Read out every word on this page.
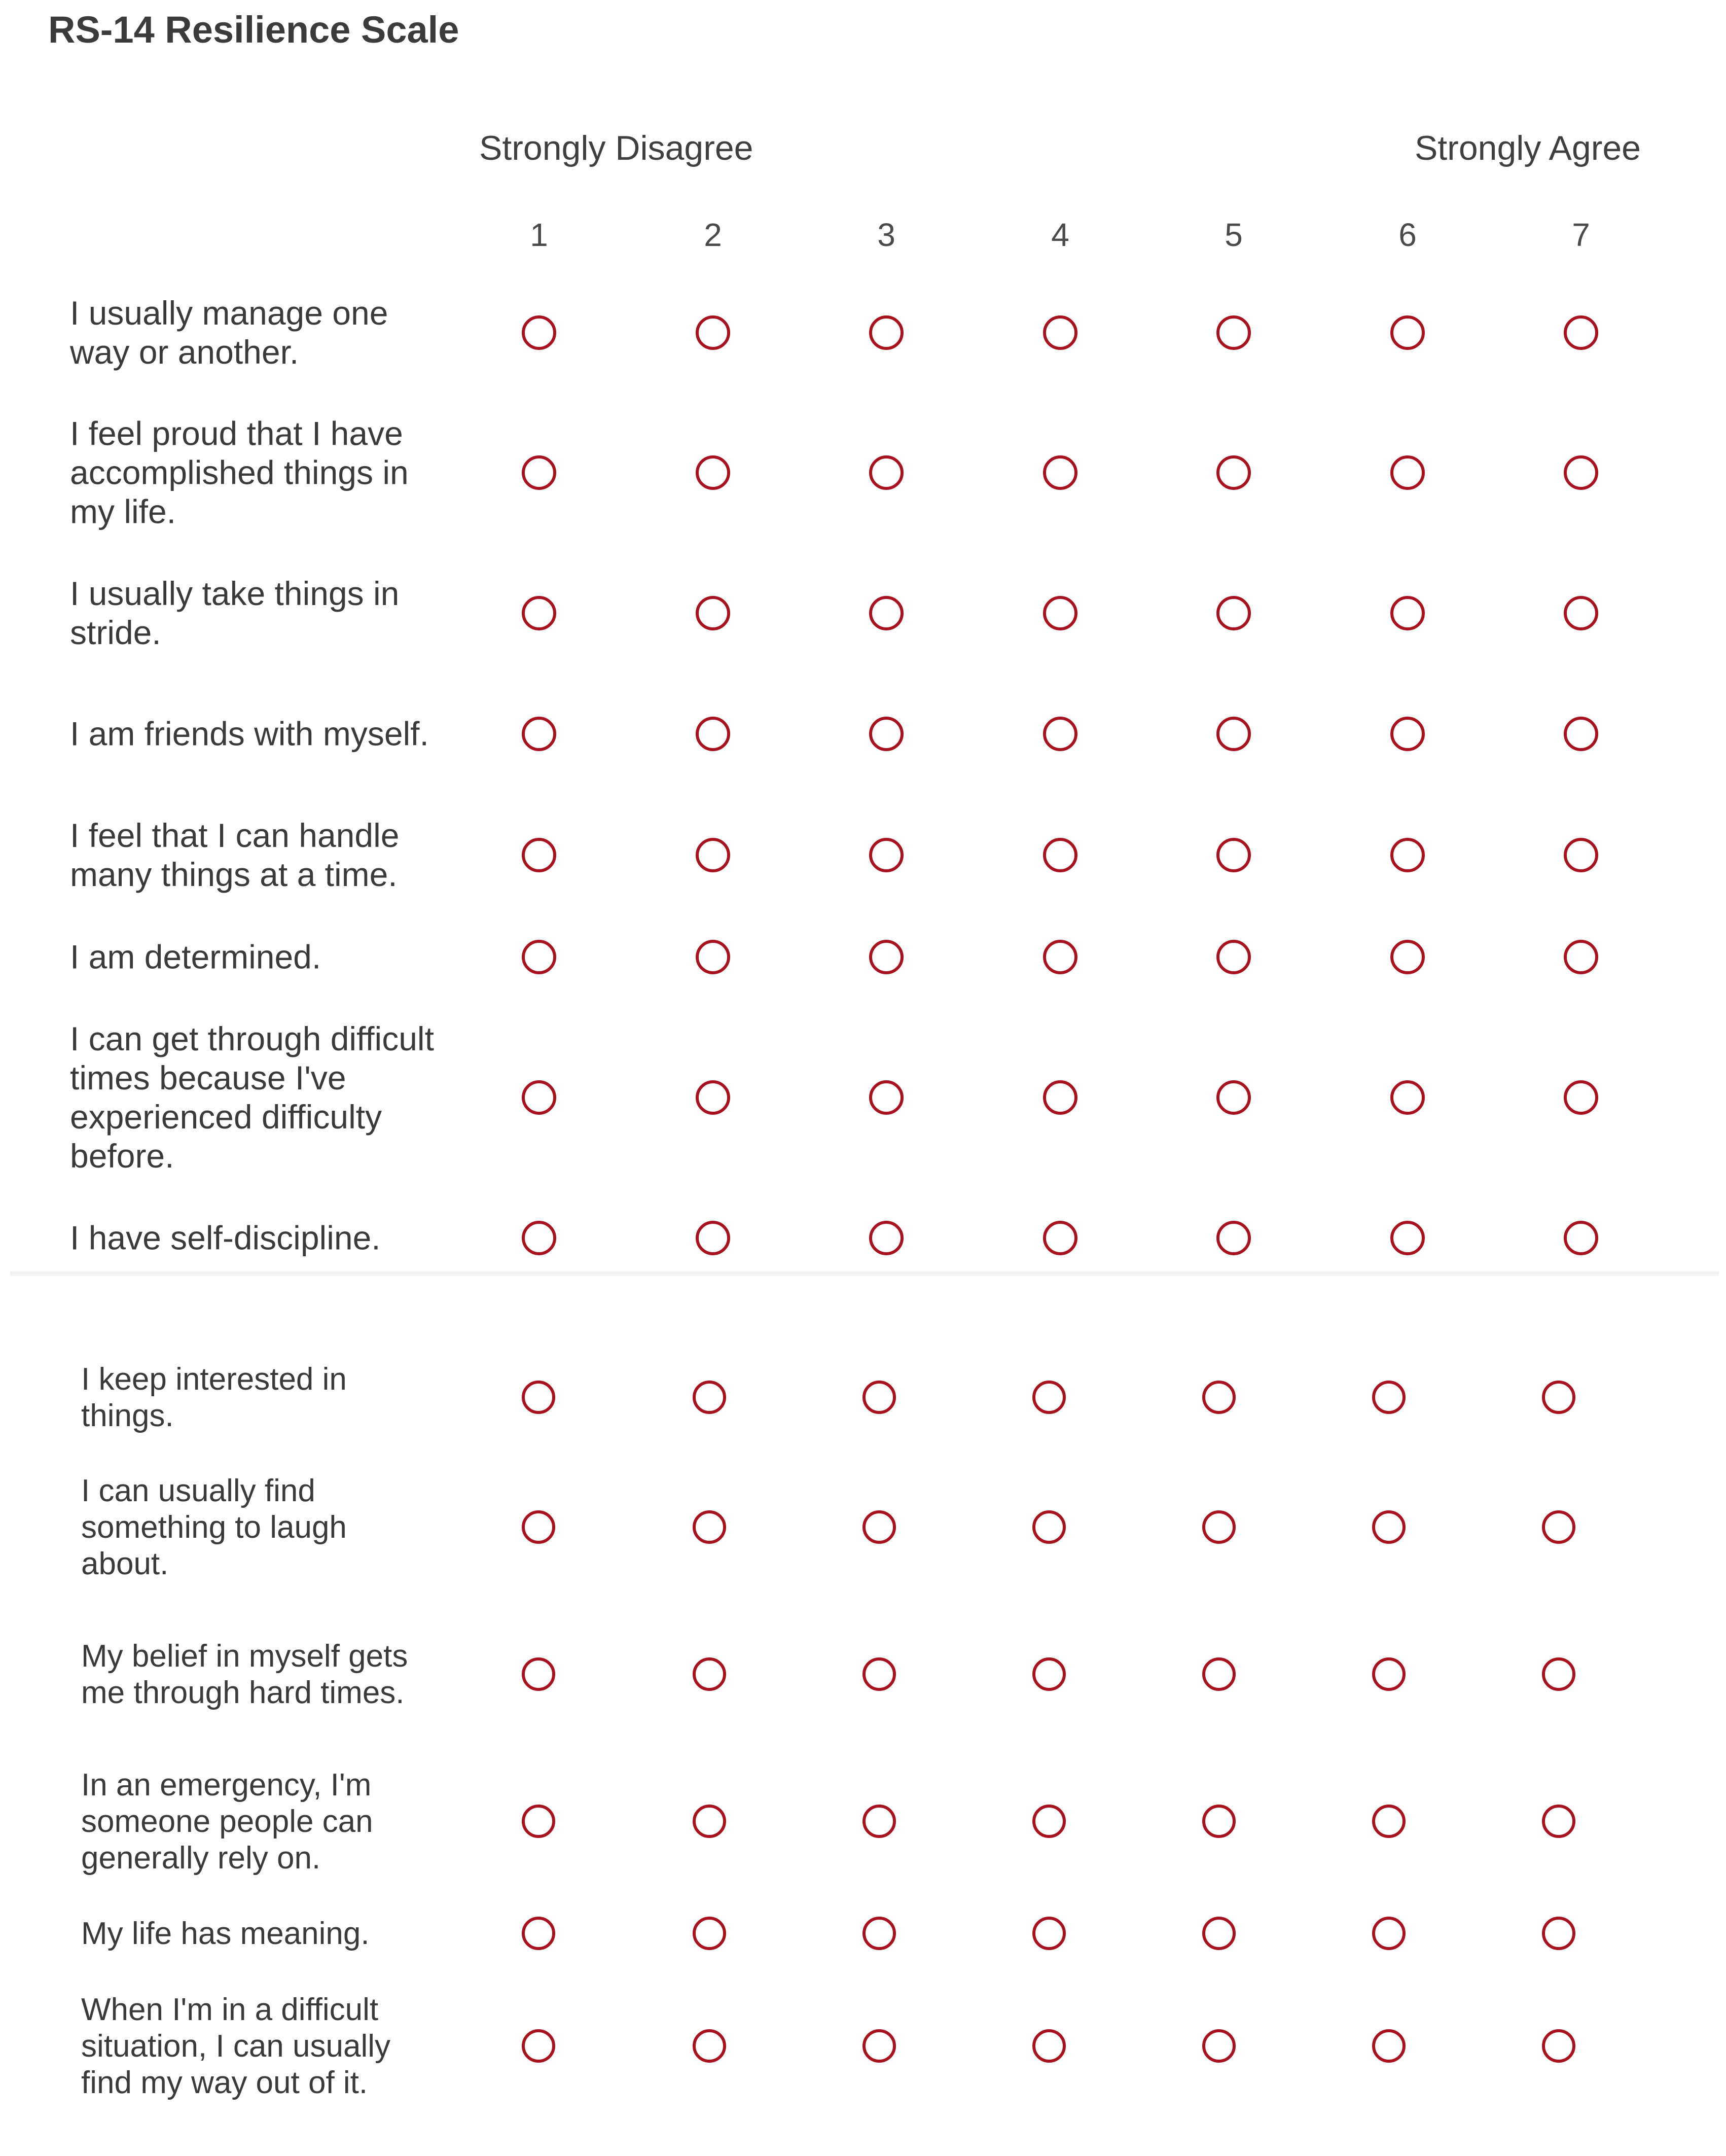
RS-14 Resilience Scale
Strongly Disagree	Strongly Agree
1	2	3	4	5	6	7
I usually manage one way or another.
I feel proud that I have accomplished things in my life.
I usually take things in stride.
I am friends with myself.
I feel that I can handle many things at a time.
I am determined.
I can get through difficult times because I've experienced difficulty before.
I have self-discipline.
I keep interested in things.
I can usually find something to laugh about.
My belief in myself gets me through hard times.
In an emergency, I'm someone people can generally rely on.
My life has meaning.
When I'm in a difficult situation, I can usually find my way out of it.
